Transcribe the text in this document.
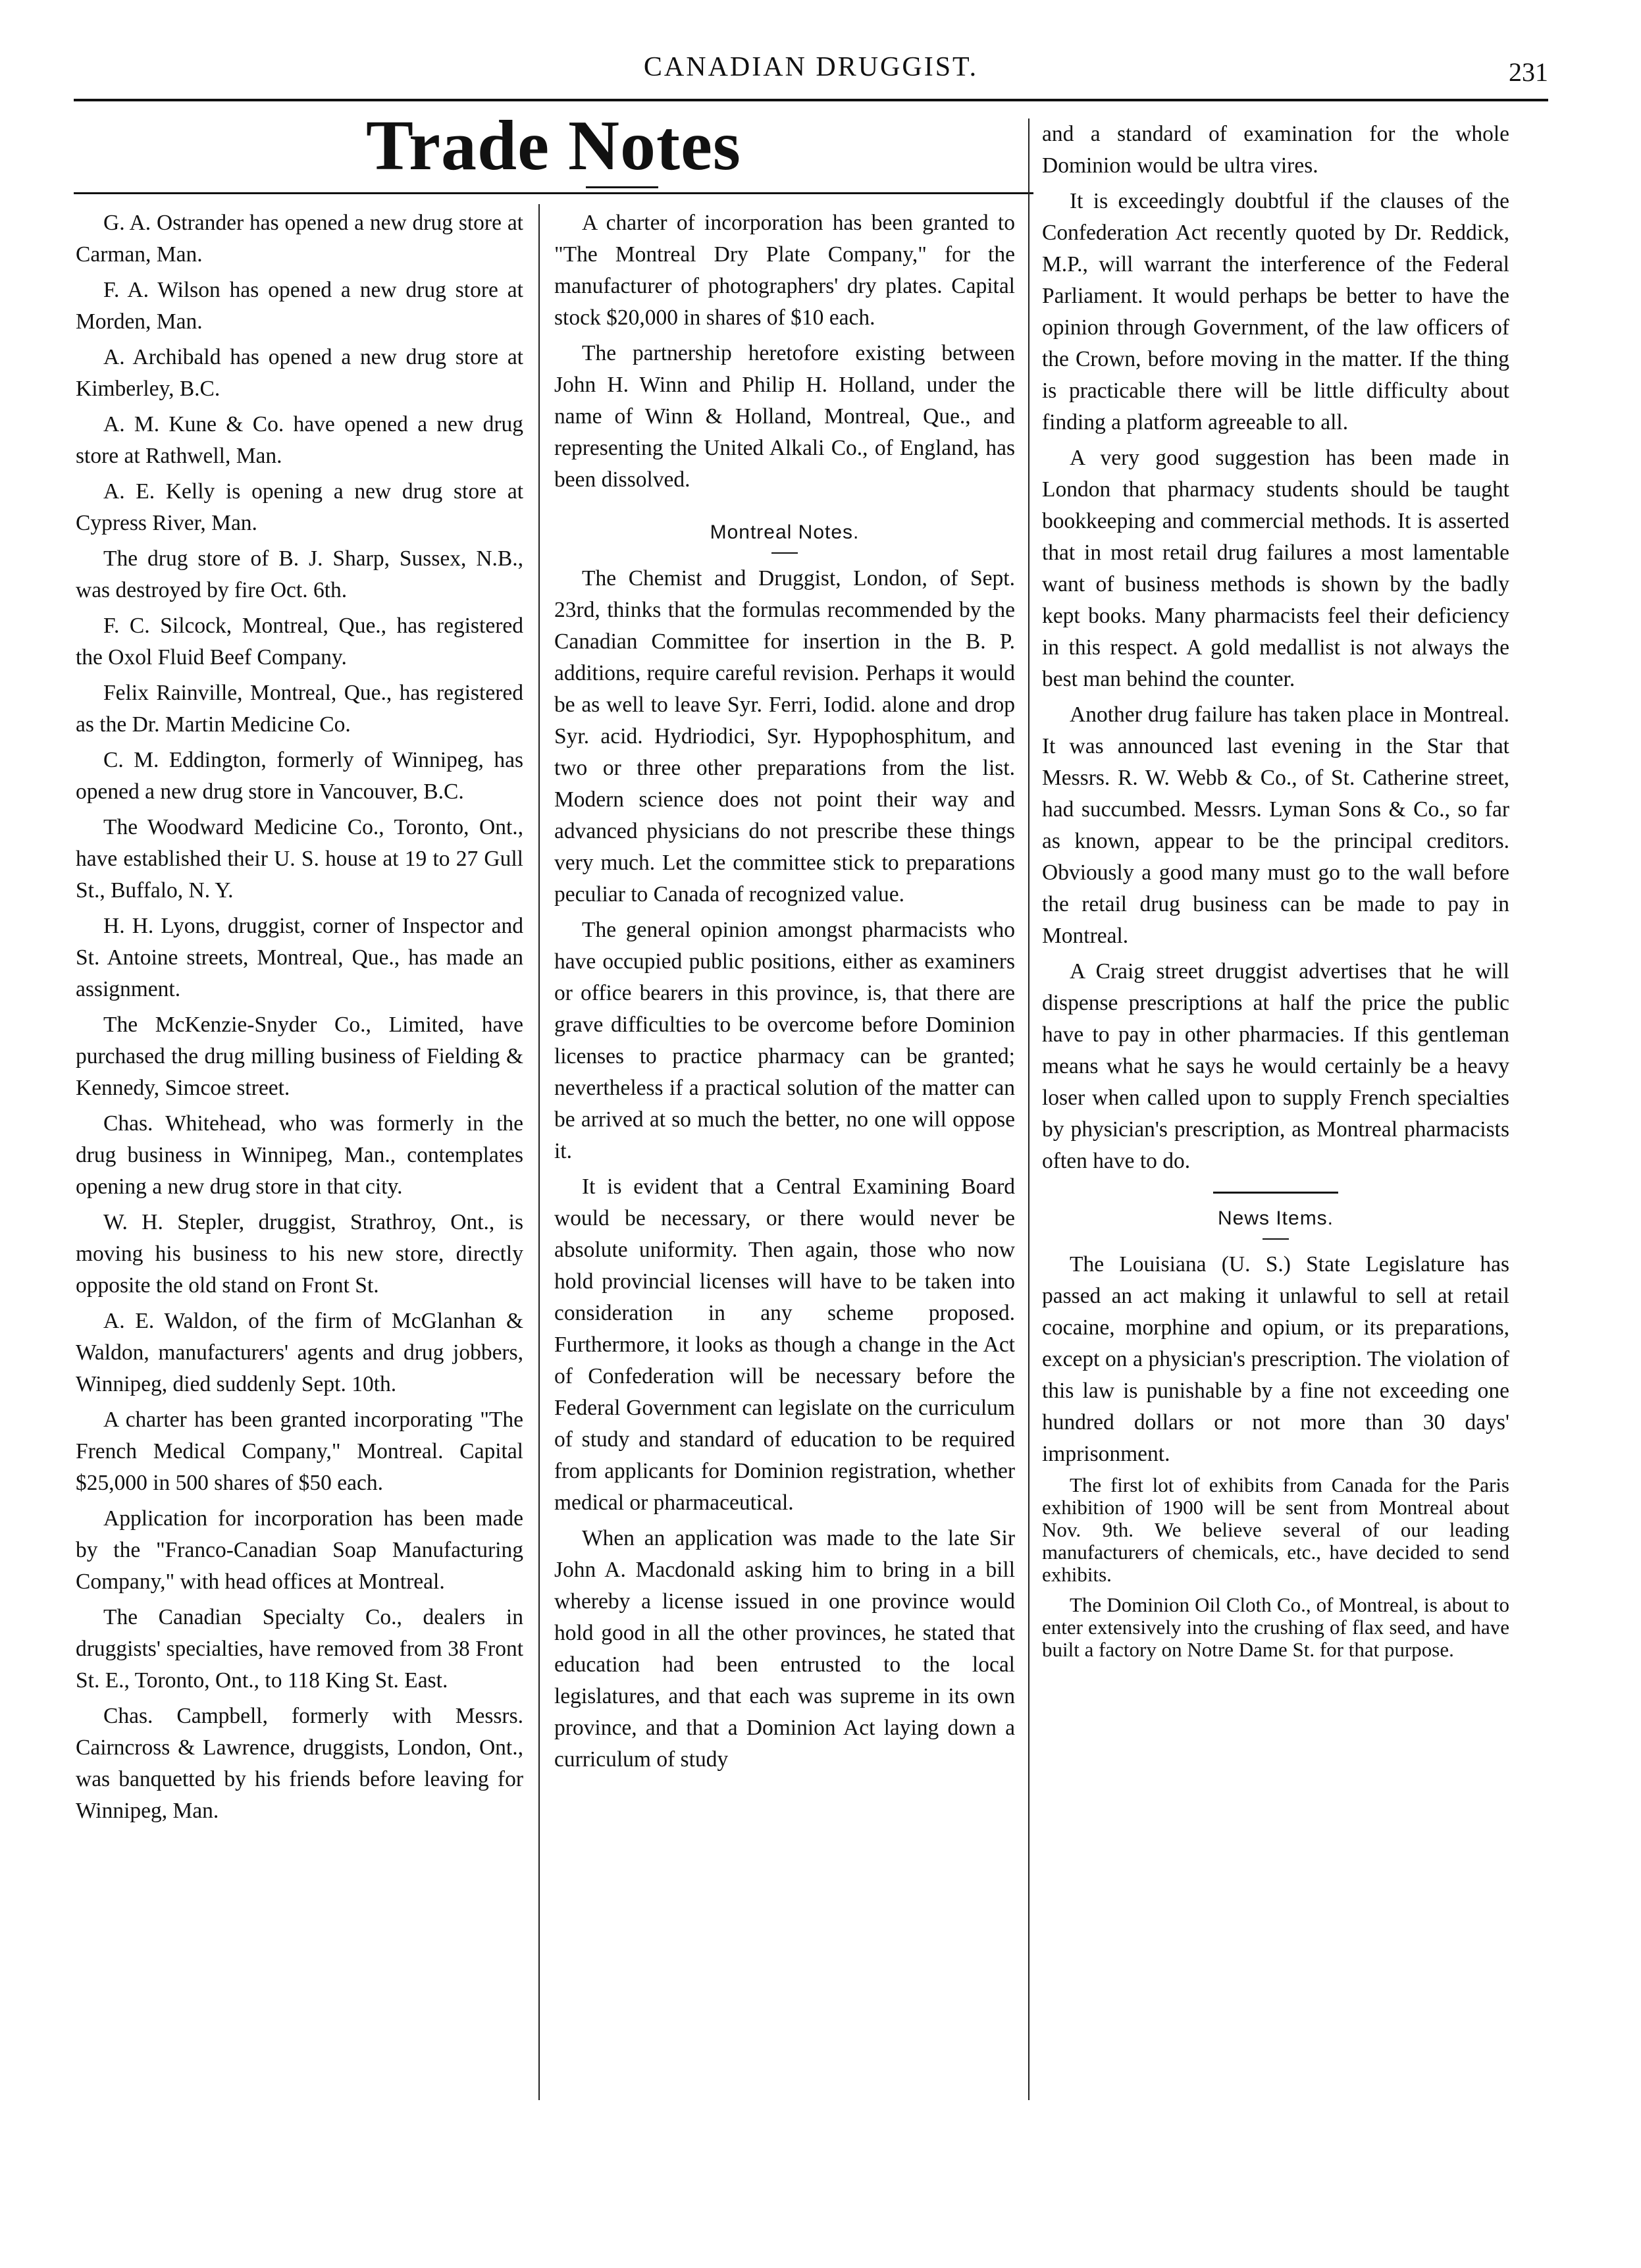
CANADIAN DRUGGIST.	231
Trade Notes

G. A. Ostrander has opened a new drug store at Carman, Man.

F. A. Wilson has opened a new drug store at Morden, Man.

A. Archibald has opened a new drug store at Kimberley, B.C.

A. M. Kune & Co. have opened a new drug store at Rathwell, Man.

A. E. Kelly is opening a new drug store at Cypress River, Man.

The drug store of B. J. Sharp, Sussex, N.B., was destroyed by fire Oct. 6th.

F. C. Silcock, Montreal, Que., has registered the Oxol Fluid Beef Company.

Felix Rainville, Montreal, Que., has registered as the Dr. Martin Medicine Co.

C. M. Eddington, formerly of Winnipeg, has opened a new drug store in Vancouver, B.C.

The Woodward Medicine Co., Toronto, Ont., have established their U. S. house at 19 to 27 Gull St., Buffalo, N. Y.

H. H. Lyons, druggist, corner of Inspector and St. Antoine streets, Montreal, Que., has made an assignment.

The McKenzie-Snyder Co., Limited, have purchased the drug milling business of Fielding & Kennedy, Simcoe street.

Chas. Whitehead, who was formerly in the drug business in Winnipeg, Man., contemplates opening a new drug store in that city.

W. H. Stepler, druggist, Strathroy, Ont., is moving his business to his new store, directly opposite the old stand on Front St.

A. E. Waldon, of the firm of McGlanhan & Waldon, manufacturers' agents and drug jobbers, Winnipeg, died suddenly Sept. 10th.

A charter has been granted incorporating "The French Medical Company," Montreal. Capital $25,000 in 500 shares of $50 each.

Application for incorporation has been made by the "Franco-Canadian Soap Manufacturing Company," with head offices at Montreal.

The Canadian Specialty Co., dealers in druggists' specialties, have removed from 38 Front St. E., Toronto, Ont., to 118 King St. East.

Chas. Campbell, formerly with Messrs. Cairncross & Lawrence, druggists, London, Ont., was banquetted by his friends before leaving for Winnipeg, Man.

A charter of incorporation has been granted to "The Montreal Dry Plate Company," for the manufacturer of photographers' dry plates. Capital stock $20,000 in shares of $10 each.

The partnership heretofore existing between John H. Winn and Philip H. Holland, under the name of Winn & Holland, Montreal, Que., and representing the United Alkali Co., of England, has been dissolved.

Montreal Notes.

The Chemist and Druggist, London, of Sept. 23rd, thinks that the formulas recommended by the Canadian Committee for insertion in the B. P. additions, require careful revision. Perhaps it would be as well to leave Syr. Ferri, Iodid. alone and drop Syr. acid. Hydriodici, Syr. Hypophosphitum, and two or three other preparations from the list. Modern science does not point their way and advanced physicians do not prescribe these things very much. Let the committee stick to preparations peculiar to Canada of recognized value.

The general opinion amongst pharmacists who have occupied public positions, either as examiners or office bearers in this province, is, that there are grave difficulties to be overcome before Dominion licenses to practice pharmacy can be granted; nevertheless if a practical solution of the matter can be arrived at so much the better, no one will oppose it.

It is evident that a Central Examining Board would be necessary, or there would never be absolute uniformity. Then again, those who now hold provincial licenses will have to be taken into consideration in any scheme proposed. Furthermore, it looks as though a change in the Act of Confederation will be necessary before the Federal Government can legislate on the curriculum of study and standard of education to be required from applicants for Dominion registration, whether medical or pharmaceutical.

When an application was made to the late Sir John A. Macdonald asking him to bring in a bill whereby a license issued in one province would hold good in all the other provinces, he stated that education had been entrusted to the local legislatures, and that each was supreme in its own province, and that a Dominion Act laying down a curriculum of study

and a standard of examination for the whole Dominion would be ultra vires.

It is exceedingly doubtful if the clauses of the Confederation Act recently quoted by Dr. Reddick, M.P., will warrant the interference of the Federal Parliament. It would perhaps be better to have the opinion through Government, of the law officers of the Crown, before moving in the matter. If the thing is practicable there will be little difficulty about finding a platform agreeable to all.

A very good suggestion has been made in London that pharmacy students should be taught bookkeeping and commercial methods. It is asserted that in most retail drug failures a most lamentable want of business methods is shown by the badly kept books. Many pharmacists feel their deficiency in this respect. A gold medallist is not always the best man behind the counter.

Another drug failure has taken place in Montreal. It was announced last evening in the Star that Messrs. R. W. Webb & Co., of St. Catherine street, had succumbed. Messrs. Lyman Sons & Co., so far as known, appear to be the principal creditors. Obviously a good many must go to the wall before the retail drug business can be made to pay in Montreal.

A Craig street druggist advertises that he will dispense prescriptions at half the price the public have to pay in other pharmacies. If this gentleman means what he says he would certainly be a heavy loser when called upon to supply French specialties by physician's prescription, as Montreal pharmacists often have to do.

News Items.

The Louisiana (U. S.) State Legislature has passed an act making it unlawful to sell at retail cocaine, morphine and opium, or its preparations, except on a physician's prescription. The violation of this law is punishable by a fine not exceeding one hundred dollars or not more than 30 days' imprisonment.

The first lot of exhibits from Canada for the Paris exhibition of 1900 will be sent from Montreal about Nov. 9th. We believe several of our leading manufacturers of chemicals, etc., have decided to send exhibits.

The Dominion Oil Cloth Co., of Montreal, is about to enter extensively into the crushing of flax seed, and have built a factory on Notre Dame St. for that purpose.
